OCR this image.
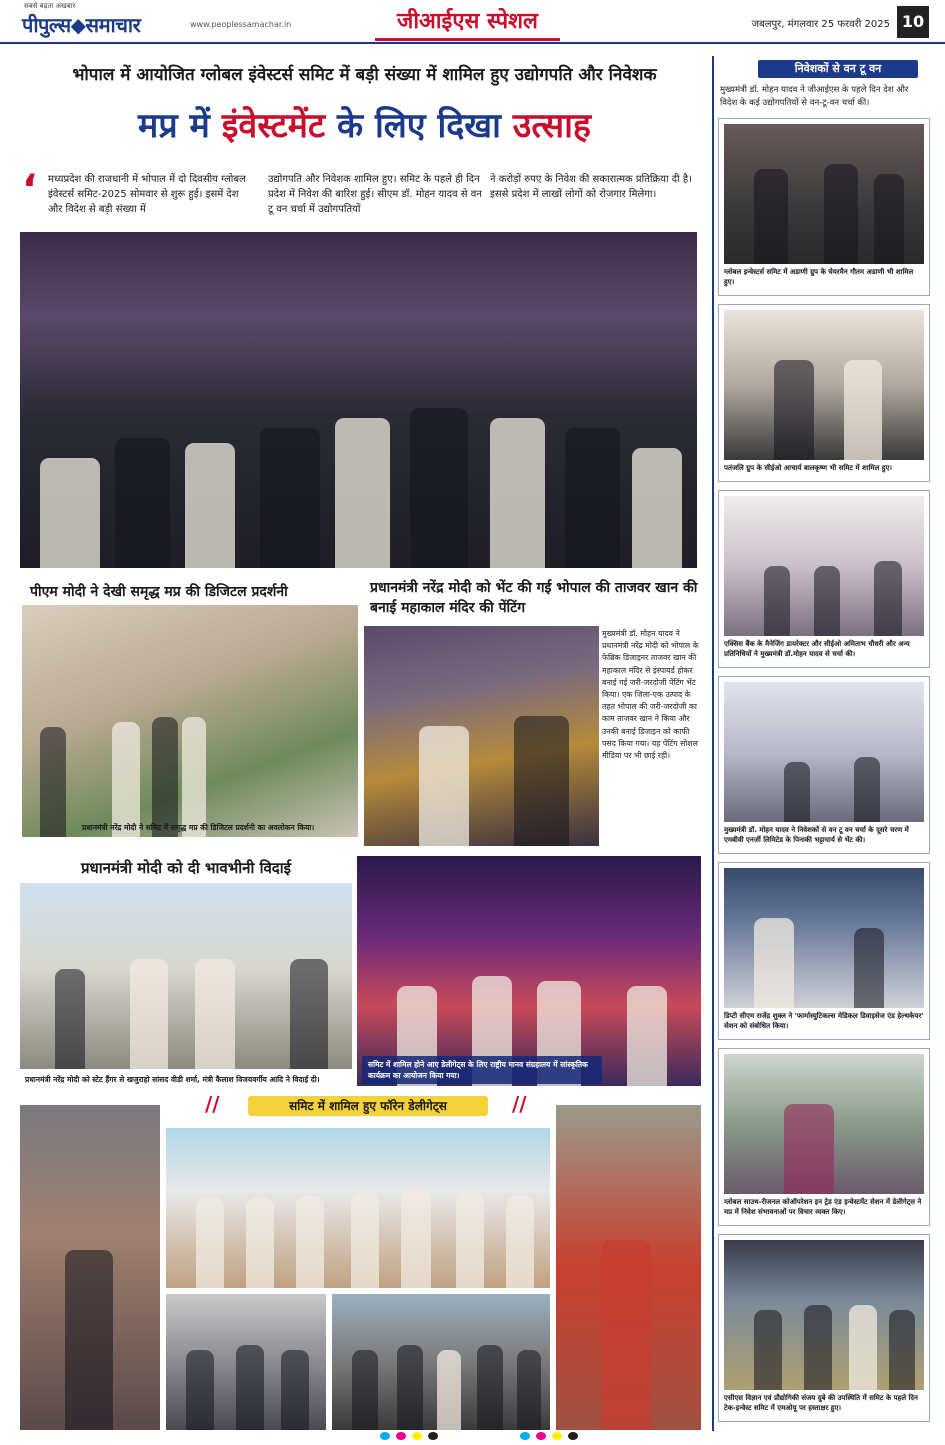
सबसे बढ़ता अखबार
पीपुल्स◆समाचार	www.peoplessamachar.in	जीआईएस स्पेशल	जबलपुर, मंगलवार 25 फरवरी 2025 10
भोपाल में आयोजित ग्लोबल इंवेस्टर्स समिट में बड़ी संख्या में शामिल हुए उद्योगपति और निवेशक
मप्र में इंवेस्टमेंट के लिए दिखा उत्साह
‘ मध्यप्रदेश की राजधानी में भोपाल में दो दिवसीय ग्लोबल इंवेस्टर्स समिट-2025 सोमवार से शुरू हुई। इसमें देश और विदेश से बड़ी संख्या में
उद्योगपति और निवेशक शामिल हुए। समिट के पहले ही दिन प्रदेश में निवेश की बारिश हुई। सीएम डॉ. मोहन यादव से वन टू वन चर्चा में उद्योगपतियों
ने करोड़ों रुपए के निवेश की सकारात्मक प्रतिक्रिया दी है। इससे प्रदेश में लाखों लोगों को रोजगार मिलेगा।
पीएम मोदी ने देखी समृद्ध मप्र की डिजिटल प्रदर्शनी
प्रधानमंत्री नरेंद्र मोदी ने समिट में समृद्ध मप्र की डिजिटल प्रदर्शनी का अवलोकन किया।
प्रधानमंत्री नरेंद्र मोदी को भेंट की गई भोपाल की ताजवर खान की बनाई महाकाल मंदिर की पेंटिंग
मुख्यमंत्री डॉ. मोहन यादव ने प्रधानमंत्री नरेंद्र मोदी को भोपाल के फेब्रिक डिजाइनर ताजवर खान की महाकाल मंदिर से इंस्पायर्ड होकर बनाई गई जरी-जरदोजी पेंटिंग भेंट किया। एक जिला-एक उत्पाद के तहत भोपाल की जरी-जरदोजी का काम ताजवर खान ने किया और उनकी बनाई डिजाइन को काफी पसंद किया गया। यह पेंटिंग सोशल मीडिया पर भी छाई रही।
प्रधानमंत्री मोदी को दी भावभीनी विदाई
प्रधानमंत्री नरेंद्र मोदी को स्टेट हैंगर से खजुराहो सांसद वीडी शर्मा, मंत्री कैलाश विजयवर्गीय आदि ने विदाई दी।
समिट में शामिल होने आए डेलीगेट्स के लिए राष्ट्रीय मानव संग्रहालय में सांस्कृतिक कार्यक्रम का आयोजन किया गया।
//	समिट में शामिल हुए फॉरेन डेलीगेट्स	//
निवेशकों से वन टू वन
मुख्यमंत्री डॉ. मोहन यादव ने जीआईएस के पहले दिन देश और विदेश के कई उद्योगपतियों से वन-टू-वन चर्चा की।
ग्लोबल इन्वेस्टर्स समिट में अडाणी ग्रुप के चेयरमैन गौतम अडाणी भी शामिल हुए।
पतंजलि ग्रुप के सीईओ आचार्य बालकृष्ण भी समिट में शामिल हुए।
एक्सिस बैंक के मैनेजिंग डायरेक्टर और सीईओ अमिताभ चौधरी और अन्य प्रतिनिधियों ने मुख्यमंत्री डॉ.मोहन यादव से चर्चा की।
मुख्यमंत्री डॉ. मोहन यादव ने निवेशकों से वन टू वन चर्चा के दूसरे चरण में एमबीवी एनर्जी लिमिटेड के पिनाकी भट्टाचार्य से भेंट की।
डिप्टी सीएम राजेंद्र शुक्ल ने 'फार्मास्युटिकल्स मेडिकल डिवाइसेज एंड हेल्थकेयर' सेशन को संबोधित किया।
ग्लोबल साउथ-रीजनल कोऑपरेशन इन ट्रेड एंड इन्वेस्टमेंट सेशन में डेलीगेट्स ने मप्र में निवेश संभावनाओं पर विचार व्यक्त किए।
एसीएस विज्ञान एवं प्रौद्योगिकी संजय दुबे की उपस्थिति में समिट के पहले दिन टेक-इन्वेस्ट समिट में एमओयू पर हस्ताक्षर हुए।
